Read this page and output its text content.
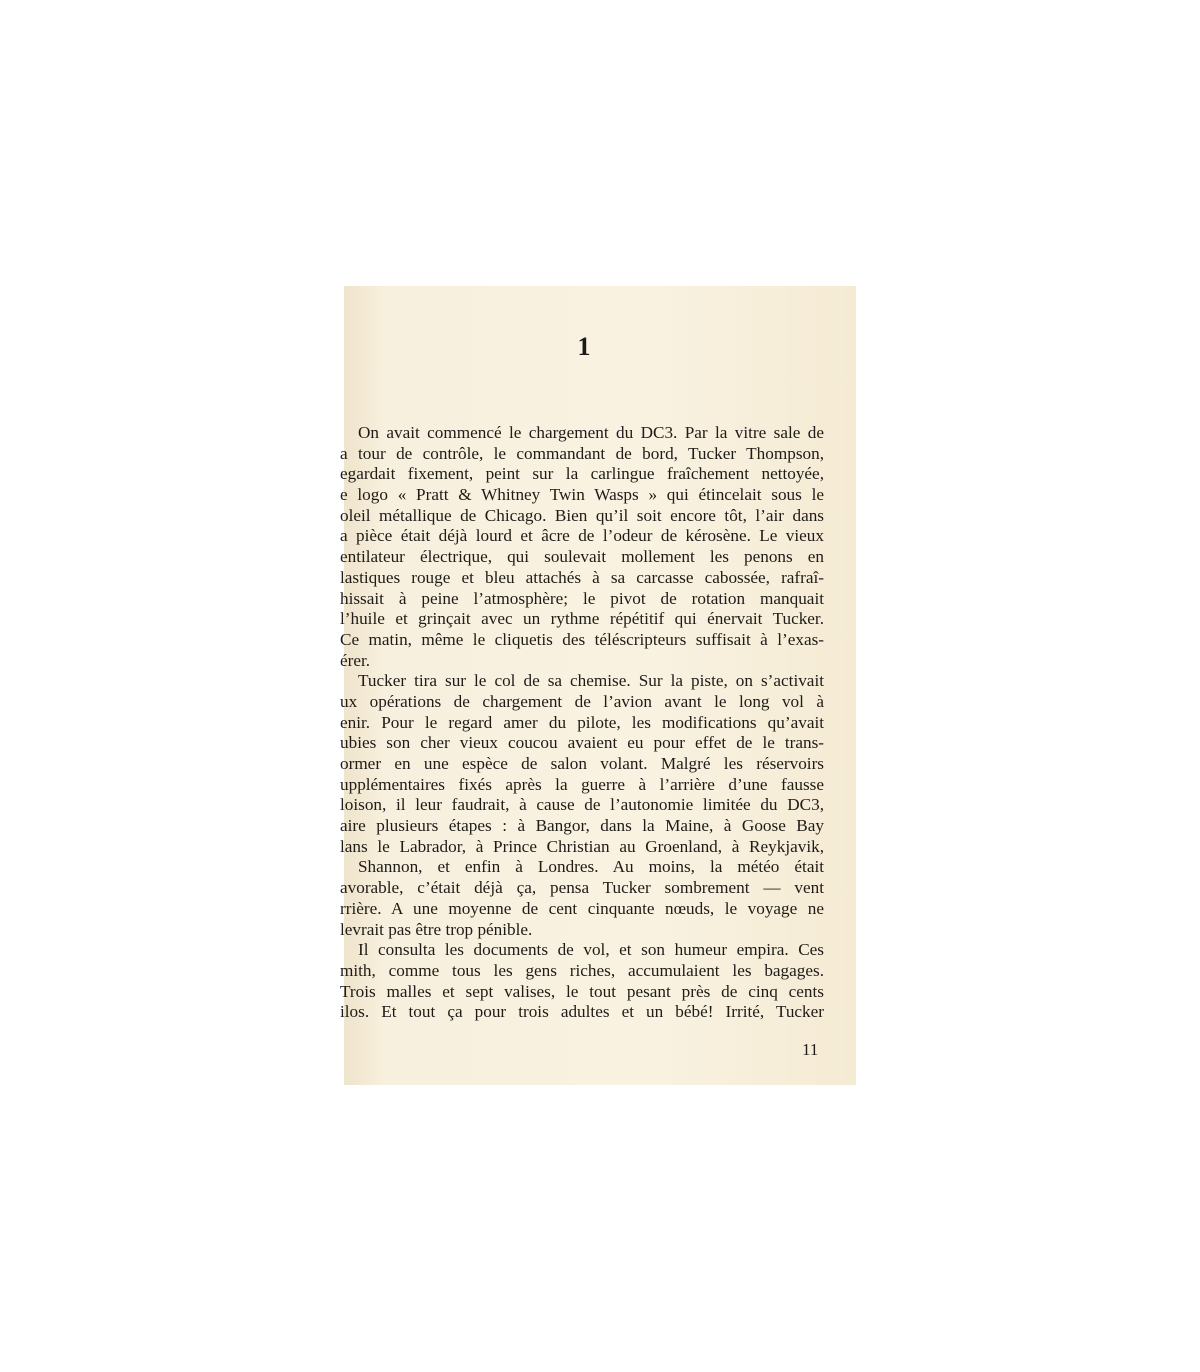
1
On avait commencé le chargement du DC3. Par la vitre sale de
a tour de contrôle, le commandant de bord, Tucker Thompson,
egardait fixement, peint sur la carlingue fraîchement nettoyée,
e logo « Pratt & Whitney Twin Wasps » qui étincelait sous le
oleil métallique de Chicago. Bien qu’il soit encore tôt, l’air dans
a pièce était déjà lourd et âcre de l’odeur de kérosène. Le vieux
entilateur électrique, qui soulevait mollement les penons en
lastiques rouge et bleu attachés à sa carcasse cabossée, rafraî-
hissait à peine l’atmosphère; le pivot de rotation manquait
l’huile et grinçait avec un rythme répétitif qui énervait Tucker.
Ce matin, même le cliquetis des téléscripteurs suffisait à l’exas-
érer.
Tucker tira sur le col de sa chemise. Sur la piste, on s’activait
ux opérations de chargement de l’avion avant le long vol à
enir. Pour le regard amer du pilote, les modifications qu’avait
ubies son cher vieux coucou avaient eu pour effet de le trans-
ormer en une espèce de salon volant. Malgré les réservoirs
upplémentaires fixés après la guerre à l’arrière d’une fausse
loison, il leur faudrait, à cause de l’autonomie limitée du DC3,
aire plusieurs étapes : à Bangor, dans la Maine, à Goose Bay
lans le Labrador, à Prince Christian au Groenland, à Reykjavik,
Shannon, et enfin à Londres. Au moins, la météo était
avorable, c’était déjà ça, pensa Tucker sombrement — vent
rrière. A une moyenne de cent cinquante nœuds, le voyage ne
levrait pas être trop pénible.
Il consulta les documents de vol, et son humeur empira. Ces
mith, comme tous les gens riches, accumulaient les bagages.
Trois malles et sept valises, le tout pesant près de cinq cents
ilos. Et tout ça pour trois adultes et un bébé! Irrité, Tucker
11
